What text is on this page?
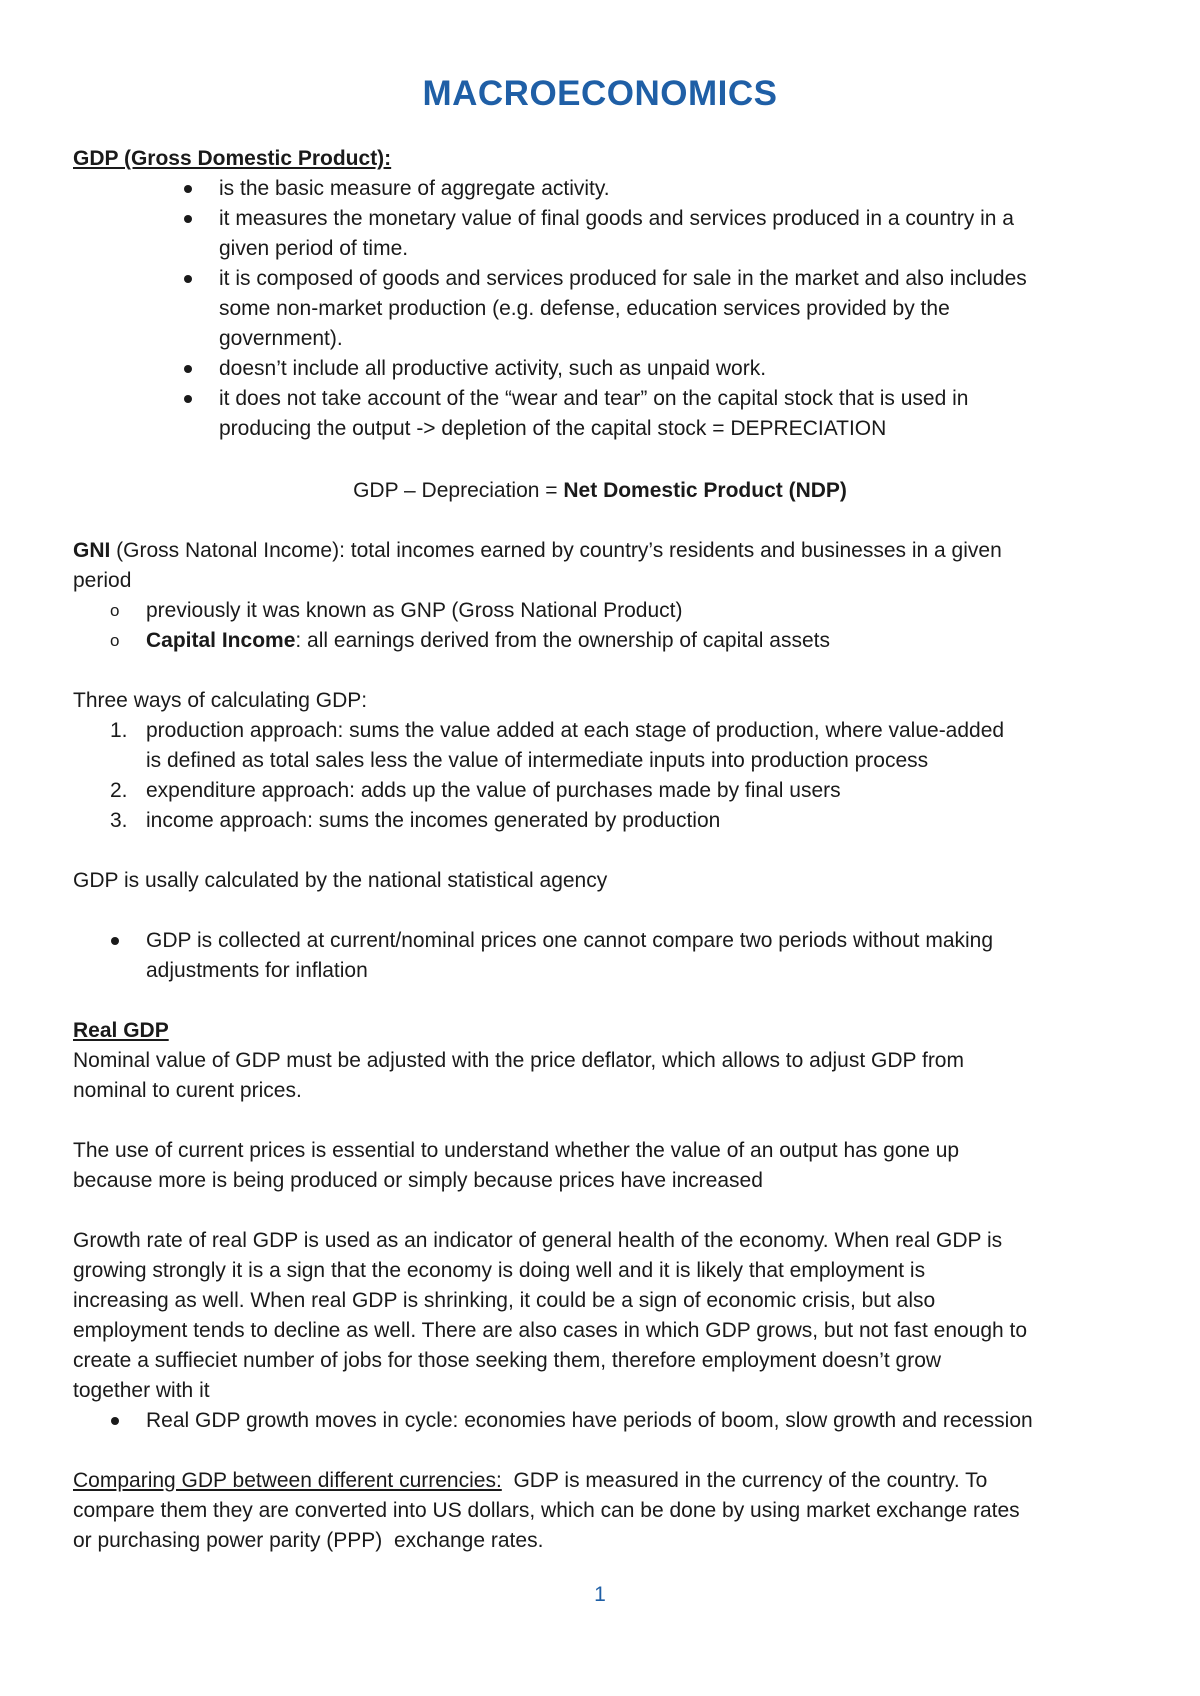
MACROECONOMICS
GDP (Gross Domestic Product):
is the basic measure of aggregate activity.
it measures the monetary value of final goods and services produced in a country in a
given period of time.
it is composed of goods and services produced for sale in the market and also includes
some non-market production (e.g. defense, education services provided by the
government).
doesn’t include all productive activity, such as unpaid work.
it does not take account of the “wear and tear” on the capital stock that is used in
producing the output -> depletion of the capital stock = DEPRECIATION
GDP – Depreciation = Net Domestic Product (NDP)
GNI (Gross Natonal Income): total incomes earned by country’s residents and businesses in a given
period
o previously it was known as GNP (Gross National Product)
o Capital Income: all earnings derived from the ownership of capital assets
Three ways of calculating GDP:
1. production approach: sums the value added at each stage of production, where value-added
is defined as total sales less the value of intermediate inputs into production process
2. expenditure approach: adds up the value of purchases made by final users
3. income approach: sums the incomes generated by production
GDP is usally calculated by the national statistical agency
GDP is collected at current/nominal prices one cannot compare two periods without making
adjustments for inflation
Real GDP
Nominal value of GDP must be adjusted with the price deflator, which allows to adjust GDP from
nominal to curent prices.
The use of current prices is essential to understand whether the value of an output has gone up
because more is being produced or simply because prices have increased
Growth rate of real GDP is used as an indicator of general health of the economy. When real GDP is
growing strongly it is a sign that the economy is doing well and it is likely that employment is
increasing as well. When real GDP is shrinking, it could be a sign of economic crisis, but also
employment tends to decline as well. There are also cases in which GDP grows, but not fast enough to
create a suffieciet number of jobs for those seeking them, therefore employment doesn’t grow
together with it
Real GDP growth moves in cycle: economies have periods of boom, slow growth and recession
Comparing GDP between different currencies:  GDP is measured in the currency of the country. To
compare them they are converted into US dollars, which can be done by using market exchange rates
or purchasing power parity (PPP)  exchange rates.
1
